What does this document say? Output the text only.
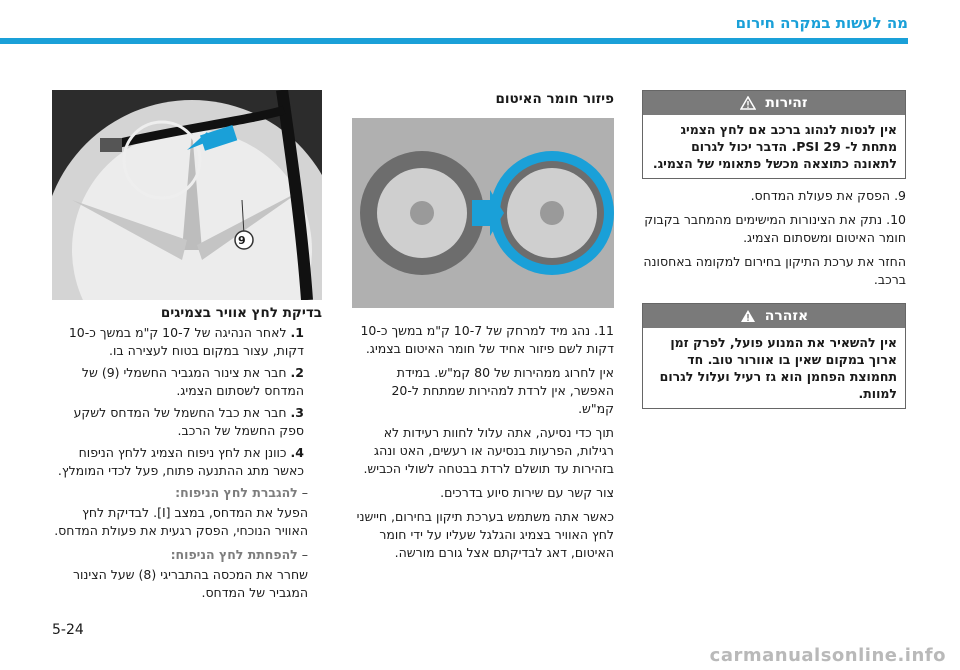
מה לעשות במקרה חירום
9
בדיקת לחץ אוויר בצמיגים
1. לאחר הנהיגה של 10-7 ק"מ במשך כ-10 דקות, עצור במקום בטוח לעצירה בו.
2. חבר את צינור המגביר החשמלי (9) של המדחס לשסתום הצמיג.
3. חבר את כבל החשמל של המדחס לשקע ספק החשמל של הרכב.
4. כוונן את לחץ ניפוח הצמיג ללחץ הניפוח כאשר מתג ההתנעה פתוח, פעל לכדי המומלץ.
–להגברת לחץ הניפוח:
הפעל את המדחס, במצב [I]. לבדיקת לחץ האוויר הנוכחי, הפסק רגעית את פעולת המדחס.
–להפחתת לחץ הניפוח:
שחרר את המכסה בהתבריגי (8) שעל הצינור המגביר של המדחס.
פיזור חומר האיטום

11. נהג מיד למרחק של 10-7 ק"מ במשך כ-10 דקות לשם פיזור אחיד של חומר האיטום בצמיג.

אין לחרוג ממהירות של 80 קמ"ש. במידת האפשר, אין לרדת למהירות שמתחת ל-20 קמ"ש.

תוך כדי נסיעה, אתה עלול לחוות רעידות לא רגילות, הפרעות בנסיעה או רעשים, האט ונהג בזהירות עד תושלם לרדת בבטחה לשולי הכביש.

צור קשר עם שירות סיוע בדרכים.

כאשר אתה משתמש בערכת תיקון בחירום, חיישני לחץ האוויר בצמיג והגלגל שעליו על ידי חומר האיטום, דאג לבדיקתם אצל גורם מורשה.

זהירות
אין לנסות לנהוג ברכב אם לחץ הצמיג מתחת ל- 29 PSI. הדבר יכול לגרום לתאונה כתוצאה מכשל פתאומי של הצמיג.

9. הפסק את פעולת המדחס.

10. נתק את הצינורות המישימים מהמחבר בקבוק חומר האיטום ומשסתום הצמיג.

החזר את ערכת התיקון בחירום למקומה באחסונה ברכב.

אזהרה
אין להשאיר את המנוע פועל, לפרק זמן ארוך במקום שאין בו אוורור טוב. חד תחמוצת הפחמן הוא גז רעיל ועלול לגרום למוות.
5-24
carmanualsonline.info
